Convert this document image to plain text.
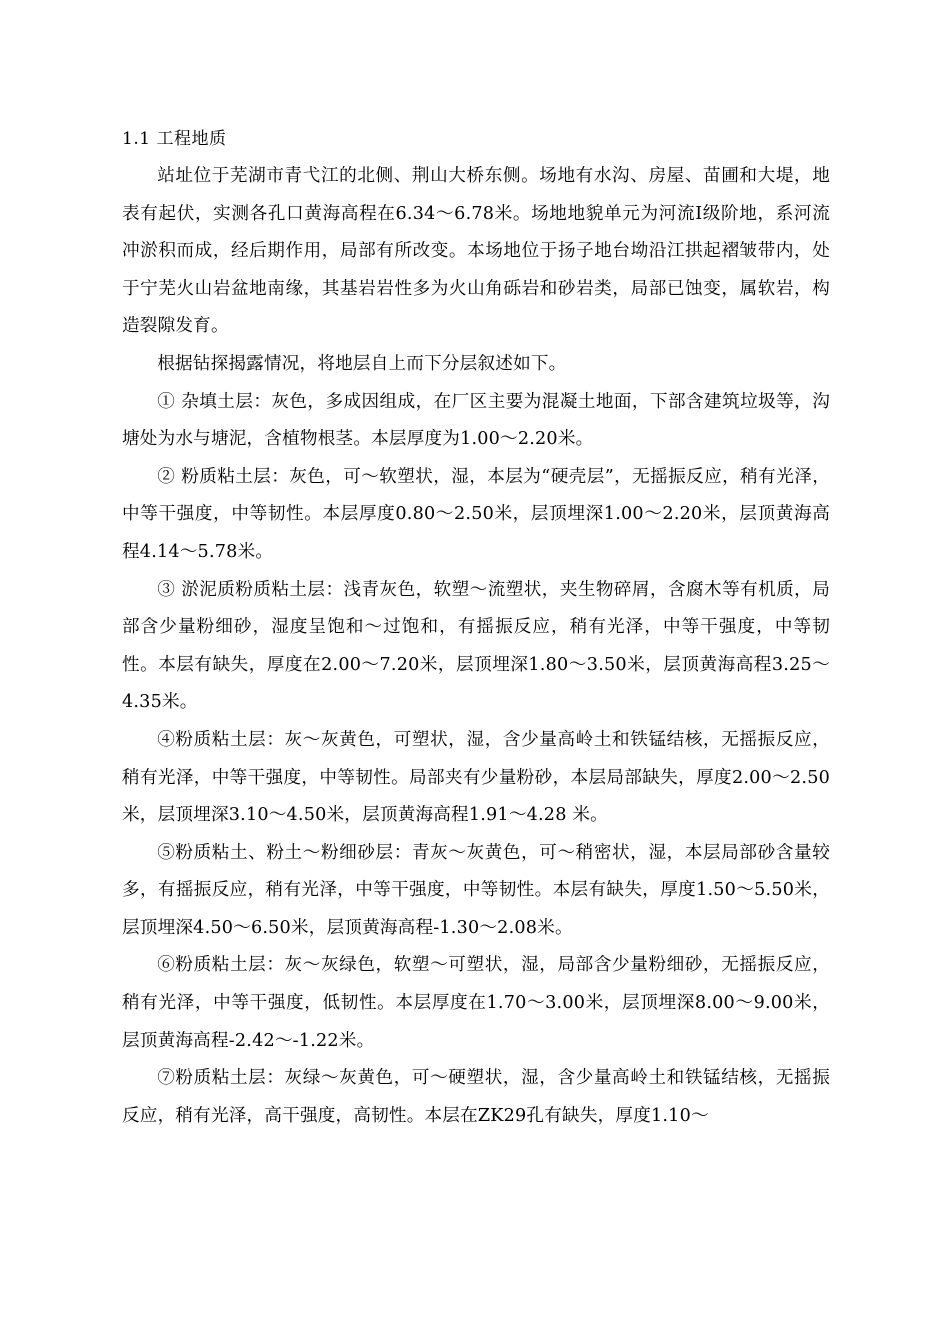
1.1 工程地质

站址位于芜湖市青弋江的北侧、荆山大桥东侧。场地有水沟、房屋、苗圃和大堤，地表有起伏，实测各孔口黄海高程在6.34～6.78米。场地地貌单元为河流Ⅰ级阶地，系河流冲淤积而成，经后期作用，局部有所改变。本场地位于扬子地台坳沿江拱起褶皱带内，处于宁芜火山岩盆地南缘，其基岩岩性多为火山角砾岩和砂岩类，局部已蚀变，属软岩，构造裂隙发育。

根据钻探揭露情况，将地层自上而下分层叙述如下。

① 杂填土层：灰色，多成因组成，在厂区主要为混凝土地面，下部含建筑垃圾等，沟塘处为水与塘泥，含植物根茎。本层厚度为1.00～2.20米。

② 粉质粘土层：灰色，可～软塑状，湿，本层为“硬壳层”，无摇振反应，稍有光泽，中等干强度，中等韧性。本层厚度0.80～2.50米，层顶埋深1.00～2.20米，层顶黄海高程4.14～5.78米。

③ 淤泥质粉质粘土层：浅青灰色，软塑～流塑状，夹生物碎屑，含腐木等有机质，局部含少量粉细砂，湿度呈饱和～过饱和，有摇振反应，稍有光泽，中等干强度，中等韧性。本层有缺失，厚度在2.00～7.20米，层顶埋深1.80～3.50米，层顶黄海高程3.25～4.35米。

④粉质粘土层：灰～灰黄色，可塑状，湿，含少量高岭土和铁锰结核，无摇振反应，稍有光泽，中等干强度，中等韧性。局部夹有少量粉砂，本层局部缺失，厚度2.00～2.50米，层顶埋深3.10～4.50米，层顶黄海高程1.91～4.28 米。

⑤粉质粘土、粉土～粉细砂层：青灰～灰黄色，可～稍密状，湿，本层局部砂含量较多，有摇振反应，稍有光泽，中等干强度，中等韧性。本层有缺失，厚度1.50～5.50米，层顶埋深4.50～6.50米，层顶黄海高程-1.30～2.08米。

⑥粉质粘土层：灰～灰绿色，软塑～可塑状，湿，局部含少量粉细砂，无摇振反应，稍有光泽，中等干强度，低韧性。本层厚度在1.70～3.00米，层顶埋深8.00～9.00米，层顶黄海高程-2.42～-1.22米。

⑦粉质粘土层：灰绿～灰黄色，可～硬塑状，湿，含少量高岭土和铁锰结核，无摇振反应，稍有光泽，高干强度，高韧性。本层在ZK29孔有缺失，厚度1.10～
